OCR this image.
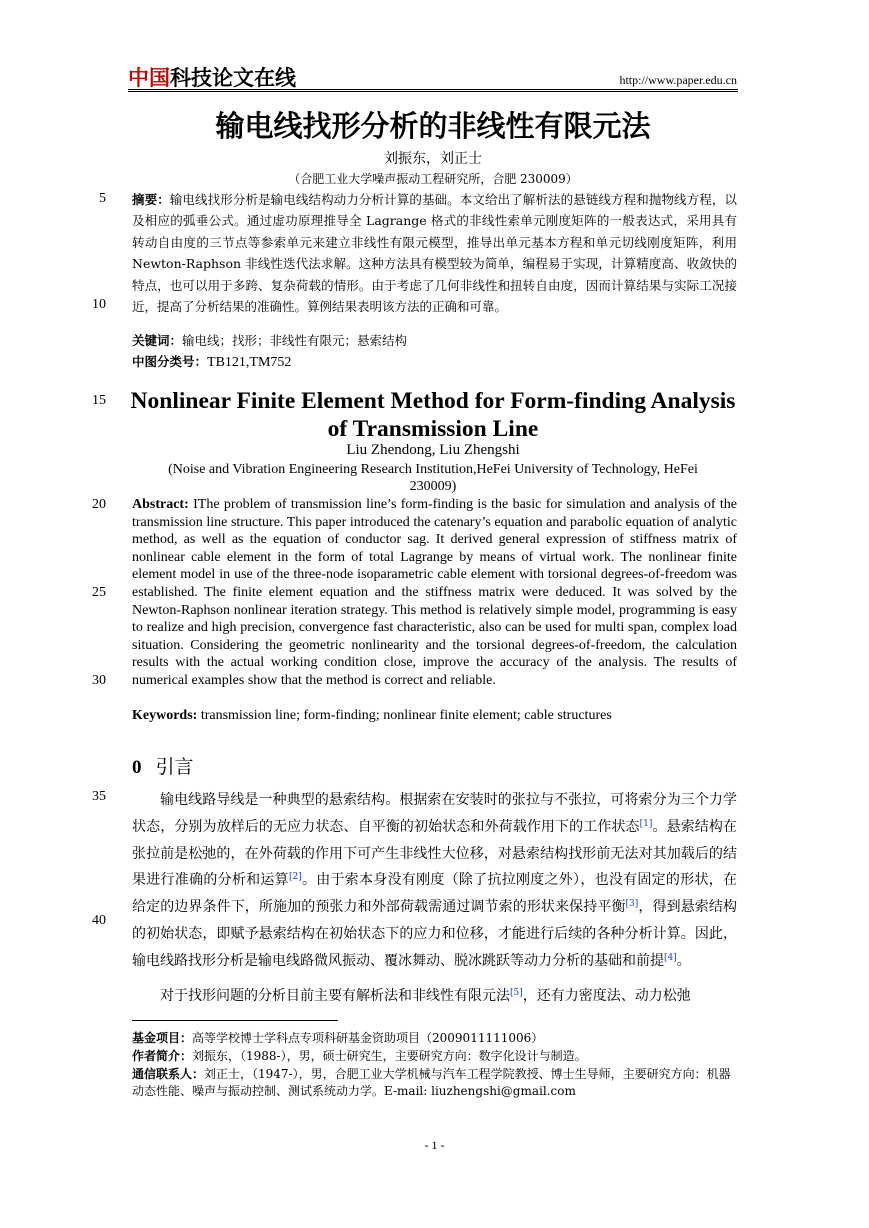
中国科技论文在线	http://www.paper.edu.cn
输电线找形分析的非线性有限元法
刘振东，刘正士
（合肥工业大学噪声振动工程研究所，合肥 230009）
5
10
15
20
25
30
35
40
摘要：输电线找形分析是输电线结构动力分析计算的基础。本文给出了解析法的悬链线方程和抛物线方程，以及相应的弧垂公式。通过虚功原理推导全 Lagrange 格式的非线性索单元刚度矩阵的一般表达式，采用具有转动自由度的三节点等参索单元来建立非线性有限元模型，推导出单元基本方程和单元切线刚度矩阵，利用 Newton-Raphson 非线性迭代法求解。这种方法具有模型较为简单，编程易于实现，计算精度高、收敛快的特点，也可以用于多跨、复杂荷载的情形。由于考虑了几何非线性和扭转自由度，因而计算结果与实际工况接近，提高了分析结果的准确性。算例结果表明该方法的正确和可靠。
关键词：输电线；找形；非线性有限元；悬索结构
中图分类号：TB121,TM752
Nonlinear Finite Element Method for Form-finding Analysis of Transmission Line
Liu Zhendong, Liu Zhengshi
(Noise and Vibration Engineering Research Institution,HeFei University of Technology, HeFei 230009)
Abstract: IThe problem of transmission line’s form-finding is the basic for simulation and analysis of the transmission line structure. This paper introduced the catenary’s equation and parabolic equation of analytic method, as well as the equation of conductor sag. It derived general expression of stiffness matrix of nonlinear cable element in the form of total Lagrange by means of virtual work. The nonlinear finite element model in use of the three-node isoparametric cable element with torsional degrees-of-freedom was established. The finite element equation and the stiffness matrix were deduced. It was solved by the Newton-Raphson nonlinear iteration strategy. This method is relatively simple model, programming is easy to realize and high precision, convergence fast characteristic, also can be used for multi span, complex load situation. Considering the geometric nonlinearity and the torsional degrees-of-freedom, the calculation results with the actual working condition close, improve the accuracy of the analysis. The results of numerical examples show that the method is correct and reliable.
Keywords: transmission line; form-finding; nonlinear finite element; cable structures
0 引言
输电线路导线是一种典型的悬索结构。根据索在安装时的张拉与不张拉，可将索分为三个力学状态，分别为放样后的无应力状态、自平衡的初始状态和外荷载作用下的工作状态[1]。悬索结构在张拉前是松弛的，在外荷载的作用下可产生非线性大位移，对悬索结构找形前无法对其加载后的结果进行准确的分析和运算[2]。由于索本身没有刚度（除了抗拉刚度之外），也没有固定的形状，在给定的边界条件下，所施加的预张力和外部荷载需通过调节索的形状来保持平衡[3]，得到悬索结构的初始状态，即赋予悬索结构在初始状态下的应力和位移，才能进行后续的各种分析计算。因此，输电线路找形分析是输电线路微风振动、覆冰舞动、脱冰跳跃等动力分析的基础和前提[4]。
对于找形问题的分析目前主要有解析法和非线性有限元法[5]，还有力密度法、动力松弛
基金项目：高等学校博士学科点专项科研基金资助项目（2009011111006）
作者简介：刘振东，（1988-），男，硕士研究生，主要研究方向：数字化设计与制造。
通信联系人：刘正士，（1947-），男，合肥工业大学机械与汽车工程学院教授、博士生导师，主要研究方向：机器动态性能、噪声与振动控制、测试系统动力学。E-mail: liuzhengshi@gmail.com
- 1 -
